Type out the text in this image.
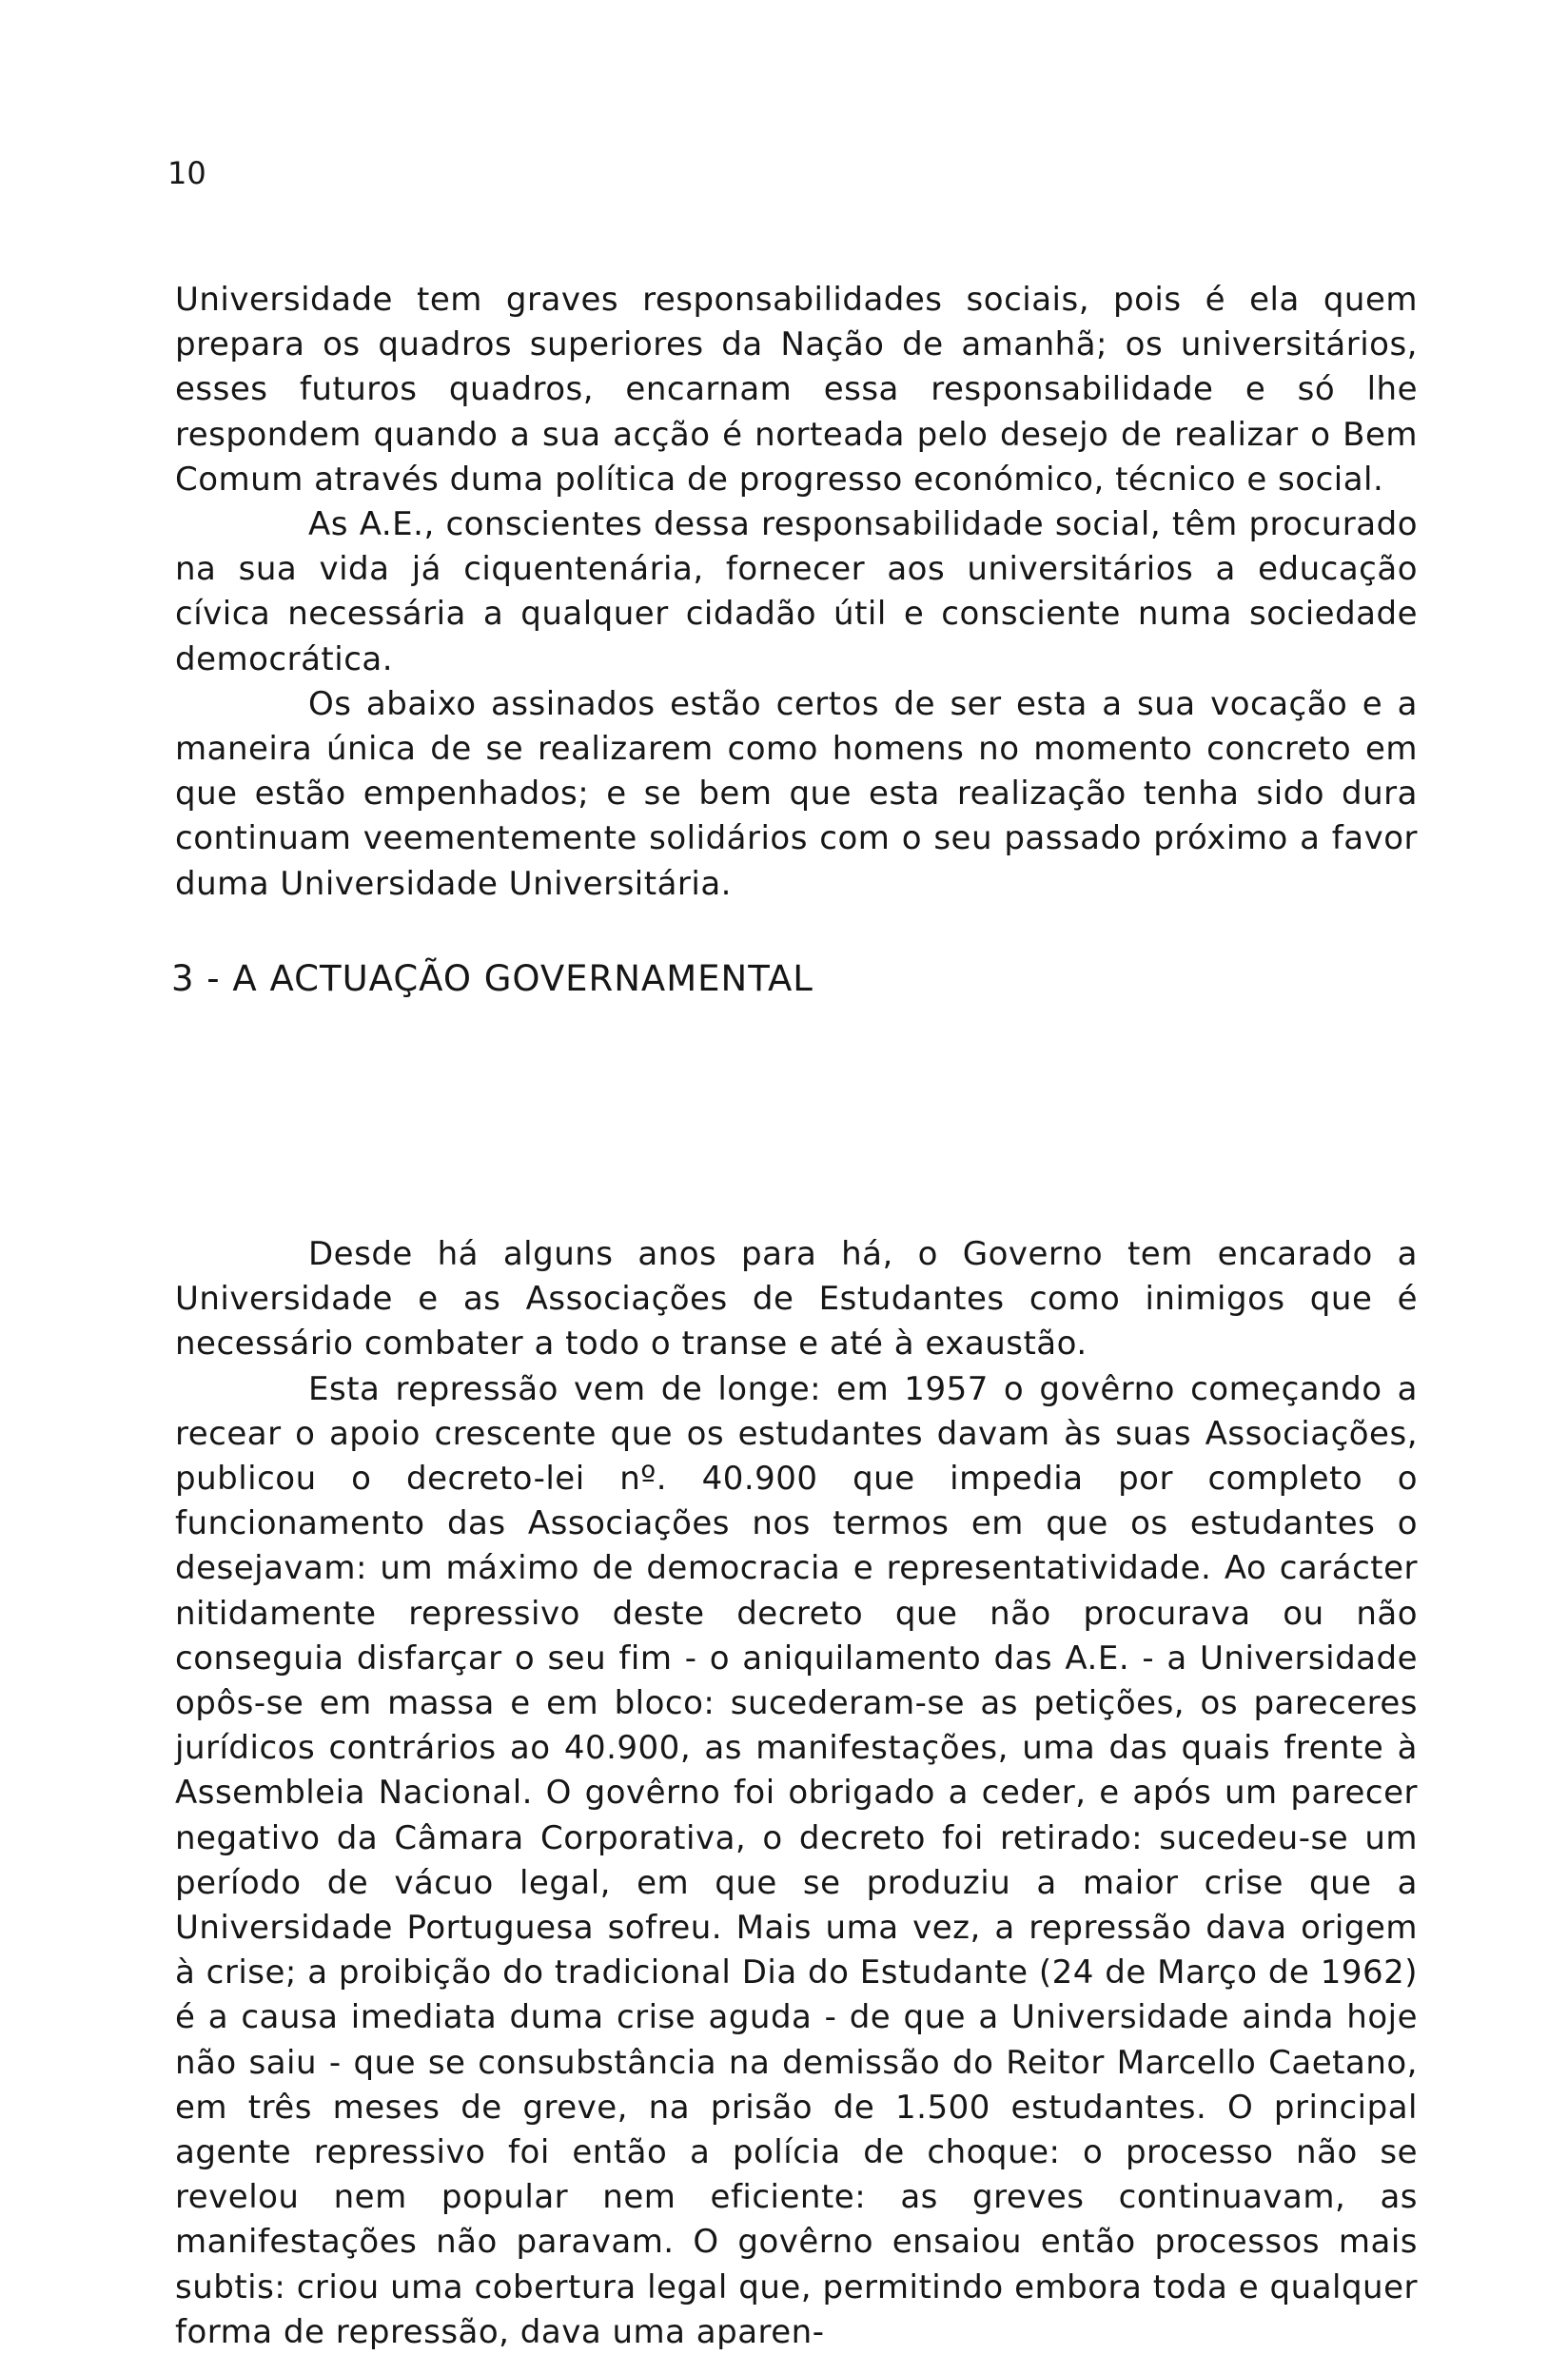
10

Universidade tem graves responsabilidades sociais, pois é ela quem prepara os quadros superiores da Nação de amanhã; os universitários, esses futuros quadros, encarnam essa responsabilidade e só lhe respondem quando a sua acção é norteada pelo desejo de realizar o Bem Comum através duma política de progresso económico, técnico e social.

As A.E., conscientes dessa responsabilidade social, têm procurado na sua vida já ciquentenária, fornecer aos universitários a educação cívica necessária a qualquer cidadão útil e consciente numa sociedade democrática.

Os abaixo assinados estão certos de ser esta a sua vocação e a maneira única de se realizarem como homens no momento concreto em que estão empenhados; e se bem que esta realização tenha sido dura continuam veementemente solidários com o seu passado próximo a favor duma Universidade Universitária.

3 - A ACTUAÇÃO GOVERNAMENTAL

Desde há alguns anos para há, o Governo tem encarado a Universidade e as Associações de Estudantes como inimigos que é necessário combater a todo o transe e até à exaustão.

Esta repressão vem de longe: em 1957 o govêrno começando a recear o apoio crescente que os estudantes davam às suas Associações, publicou o decreto-lei nº. 40.900 que impedia por completo o funcionamento das Associações nos termos em que os estudantes o desejavam: um máximo de democracia e representatividade. Ao carácter nitidamente repressivo deste decreto que não procurava ou não conseguia disfarçar o seu fim - o aniquilamento das A.E. - a Universidade opôs-se em massa e em bloco: sucederam-se as petições, os pareceres jurídicos contrários ao 40.900, as manifestações, uma das quais frente à Assembleia Nacional. O govêrno foi obrigado a ceder, e após um parecer negativo da Câmara Corporativa, o decreto foi retirado: sucedeu-se um período de vácuo legal, em que se produziu a maior crise que a Universidade Portuguesa sofreu. Mais uma vez, a repressão dava origem à crise; a proibição do tradicional Dia do Estudante (24 de Março de 1962) é a causa imediata duma crise aguda - de que a Universidade ainda hoje não saiu - que se consubstância na demissão do Reitor Marcello Caetano, em três meses de greve, na prisão de 1.500 estudantes. O principal agente repressivo foi então a polícia de choque: o processo não se revelou nem popular nem eficiente: as greves continuavam, as manifestações não paravam. O govêrno ensaiou então processos mais subtis: criou uma cobertura legal que, permitindo embora toda e qualquer forma de repressão, dava uma aparen-
